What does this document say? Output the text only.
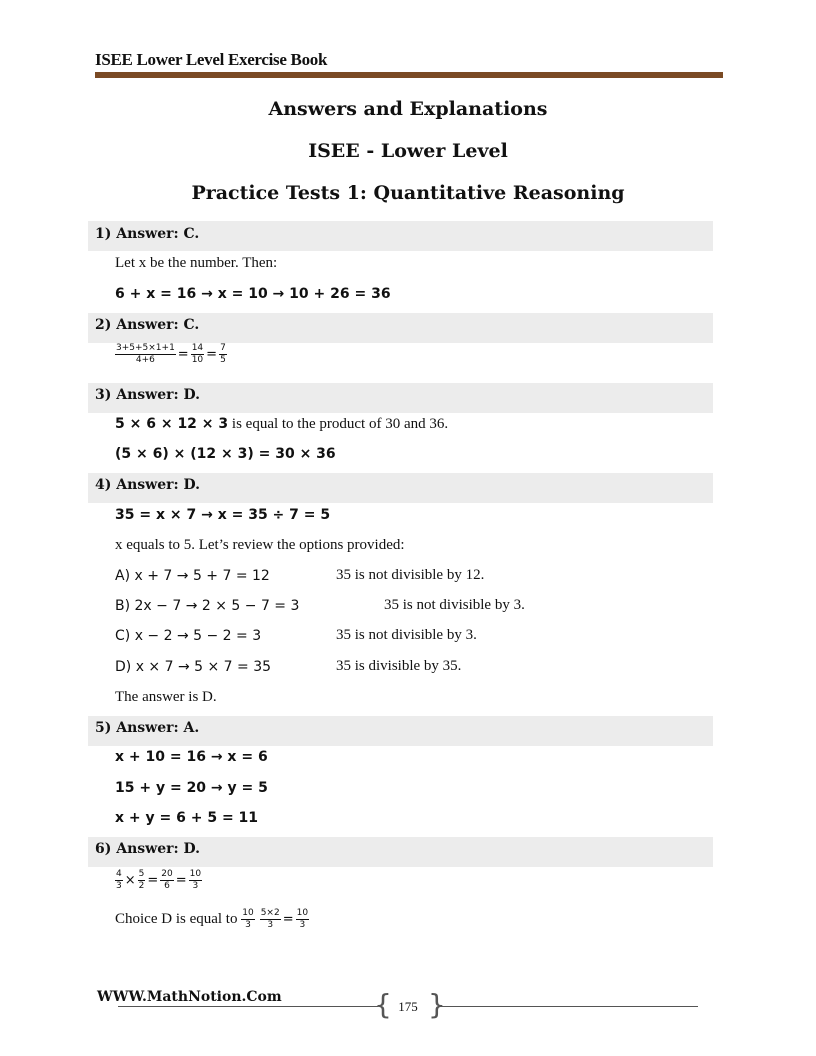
ISEE Lower Level Exercise Book
Answers and Explanations
ISEE - Lower Level
Practice Tests 1: Quantitative Reasoning
1) Answer: C.
Let x be the number. Then:
6 + x = 16 → x = 10 → 10 + 26 = 36
2) Answer: C.
$\frac{3+5+5\times 1+1}{4+6} = \frac{14}{10} = \frac{7}{5}$
3) Answer: D.
5 × 6 × 12 × 3 is equal to the product of 30 and 36.
(5 × 6) × (12 × 3) = 30 × 36
4) Answer: D.
35 = x × 7 → x = 35 ÷ 7 = 5
x equals to 5. Let’s review the options provided:
A) x + 7 → 5 + 7 = 12	35 is not divisible by 12.
B) 2x − 7 → 2 × 5 − 7 = 3	35 is not divisible by 3.
C) x − 2 → 5 − 2 = 3	35 is not divisible by 3.
D) x × 7 → 5 × 7 = 35	35 is divisible by 35.
The answer is D.
5) Answer: A.
x + 10 = 16 → x = 6
15 + y = 20 → y = 5
x + y = 6 + 5 = 11
6) Answer: D.
$\frac{4}{3} \times \frac{5}{2} = \frac{20}{6} = \frac{10}{3}$
Choice D is equal to $\frac{10}{3} \frac{5\times 2}{3} = \frac{10}{3}$
WWW.MathNotion.Com	{ }
175
